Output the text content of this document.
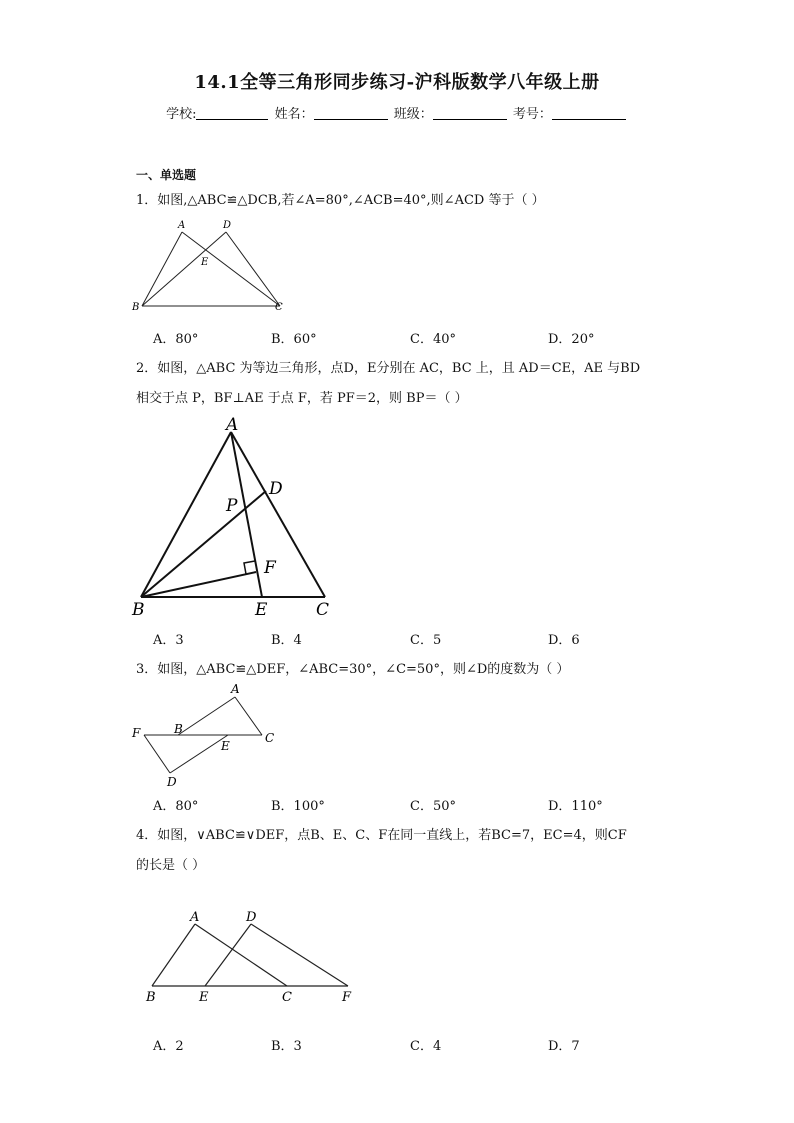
14.1全等三角形同步练习-沪科版数学八年级上册
学校:	姓名：	班级：	考号：
一、单选题
1．如图,△ABC≌△DCB,若∠A=80°,∠ACB=40°,则∠ACD 等于（ ）
A	D
E
B	C
A．80°	B．60°	C．40°	D．20°
2．如图，△ABC 为等边三角形，点D，E分别在 AC，BC 上，且 AD＝CE，AE 与BD
相交于点 P，BF⊥AE 于点 F，若 PF＝2，则 BP＝（ ）
A
D
P
F
B	E	C
A．3	B．4	C．5	D．6
3．如图，△ABC≌△DEF，∠ABC=30°，∠C=50°，则∠D的度数为（ ）
A
F	B
C
E
D
A．80°	B．100°	C．50°	D．110°
4．如图，∨ABC≌∨DEF，点B、E、C、F在同一直线上，若BC=7，EC=4，则CF
的长是（ ）
A	D
B	E	C	F
A．2	B．3	C．4	D．7
